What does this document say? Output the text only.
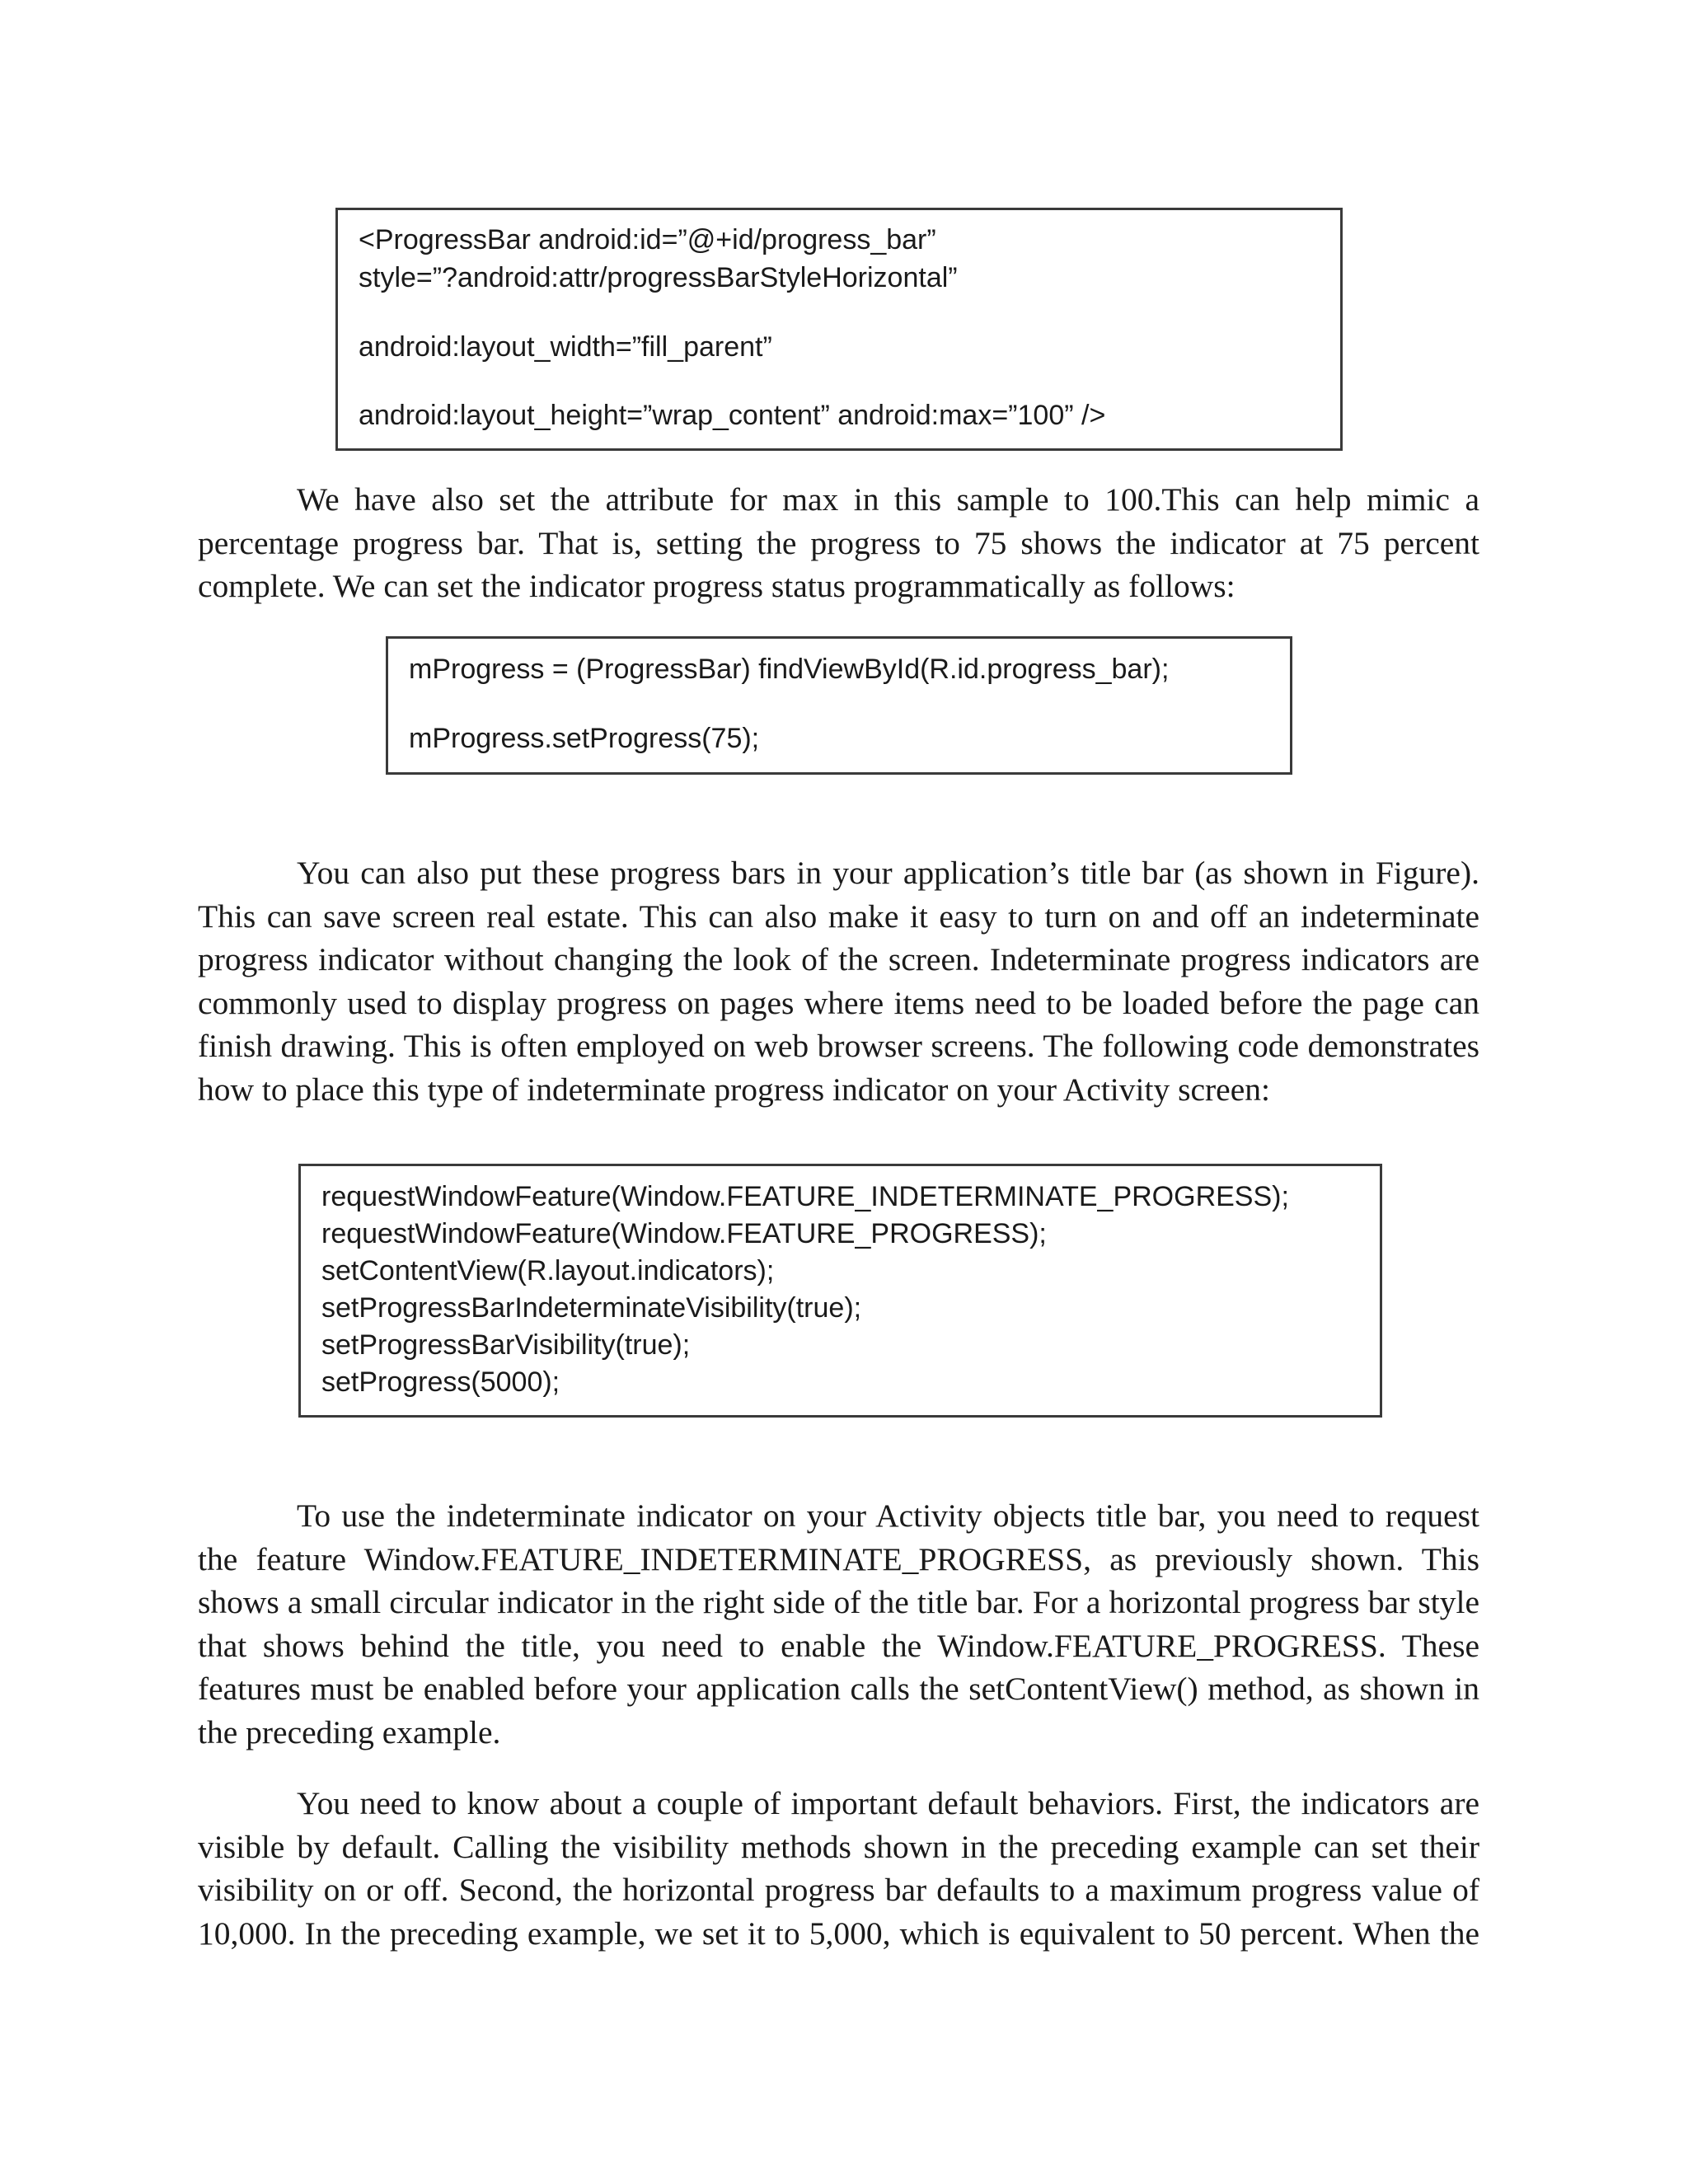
<ProgressBar android:id=”@+id/progress_bar”
style=”?android:attr/progressBarStyleHorizontal”
android:layout_width=”fill_parent”
android:layout_height=”wrap_content” android:max=”100” />

We have also set the attribute for max in this sample to 100.This can help mimic a percentage progress bar. That is, setting the progress to 75 shows the indicator at 75 percent complete. We can set the indicator progress status programmatically as follows:

mProgress = (ProgressBar) findViewById(R.id.progress_bar);
mProgress.setProgress(75);

You can also put these progress bars in your application’s title bar (as shown in Figure). This can save screen real estate. This can also make it easy to turn on and off an indeterminate progress indicator without changing the look of the screen. Indeterminate progress indicators are commonly used to display progress on pages where items need to be loaded before the page can finish drawing. This is often employed on web browser screens. The following code demonstrates how to place this type of indeterminate progress indicator on your Activity screen:

requestWindowFeature(Window.FEATURE_INDETERMINATE_PROGRESS);
requestWindowFeature(Window.FEATURE_PROGRESS);
setContentView(R.layout.indicators);
setProgressBarIndeterminateVisibility(true);
setProgressBarVisibility(true);
setProgress(5000);

To use the indeterminate indicator on your Activity objects title bar, you need to request the feature Window.FEATURE_INDETERMINATE_PROGRESS, as previously shown. This shows a small circular indicator in the right side of the title bar. For a horizontal progress bar style that shows behind the title, you need to enable the Window.FEATURE_PROGRESS. These features must be enabled before your application calls the setContentView() method, as shown in the preceding example.

You need to know about a couple of important default behaviors. First, the indicators are visible by default. Calling the visibility methods shown in the preceding example can set their visibility on or off. Second, the horizontal progress bar defaults to a maximum progress value of 10,000. In the preceding example, we set it to 5,000, which is equivalent to 50 percent. When the
